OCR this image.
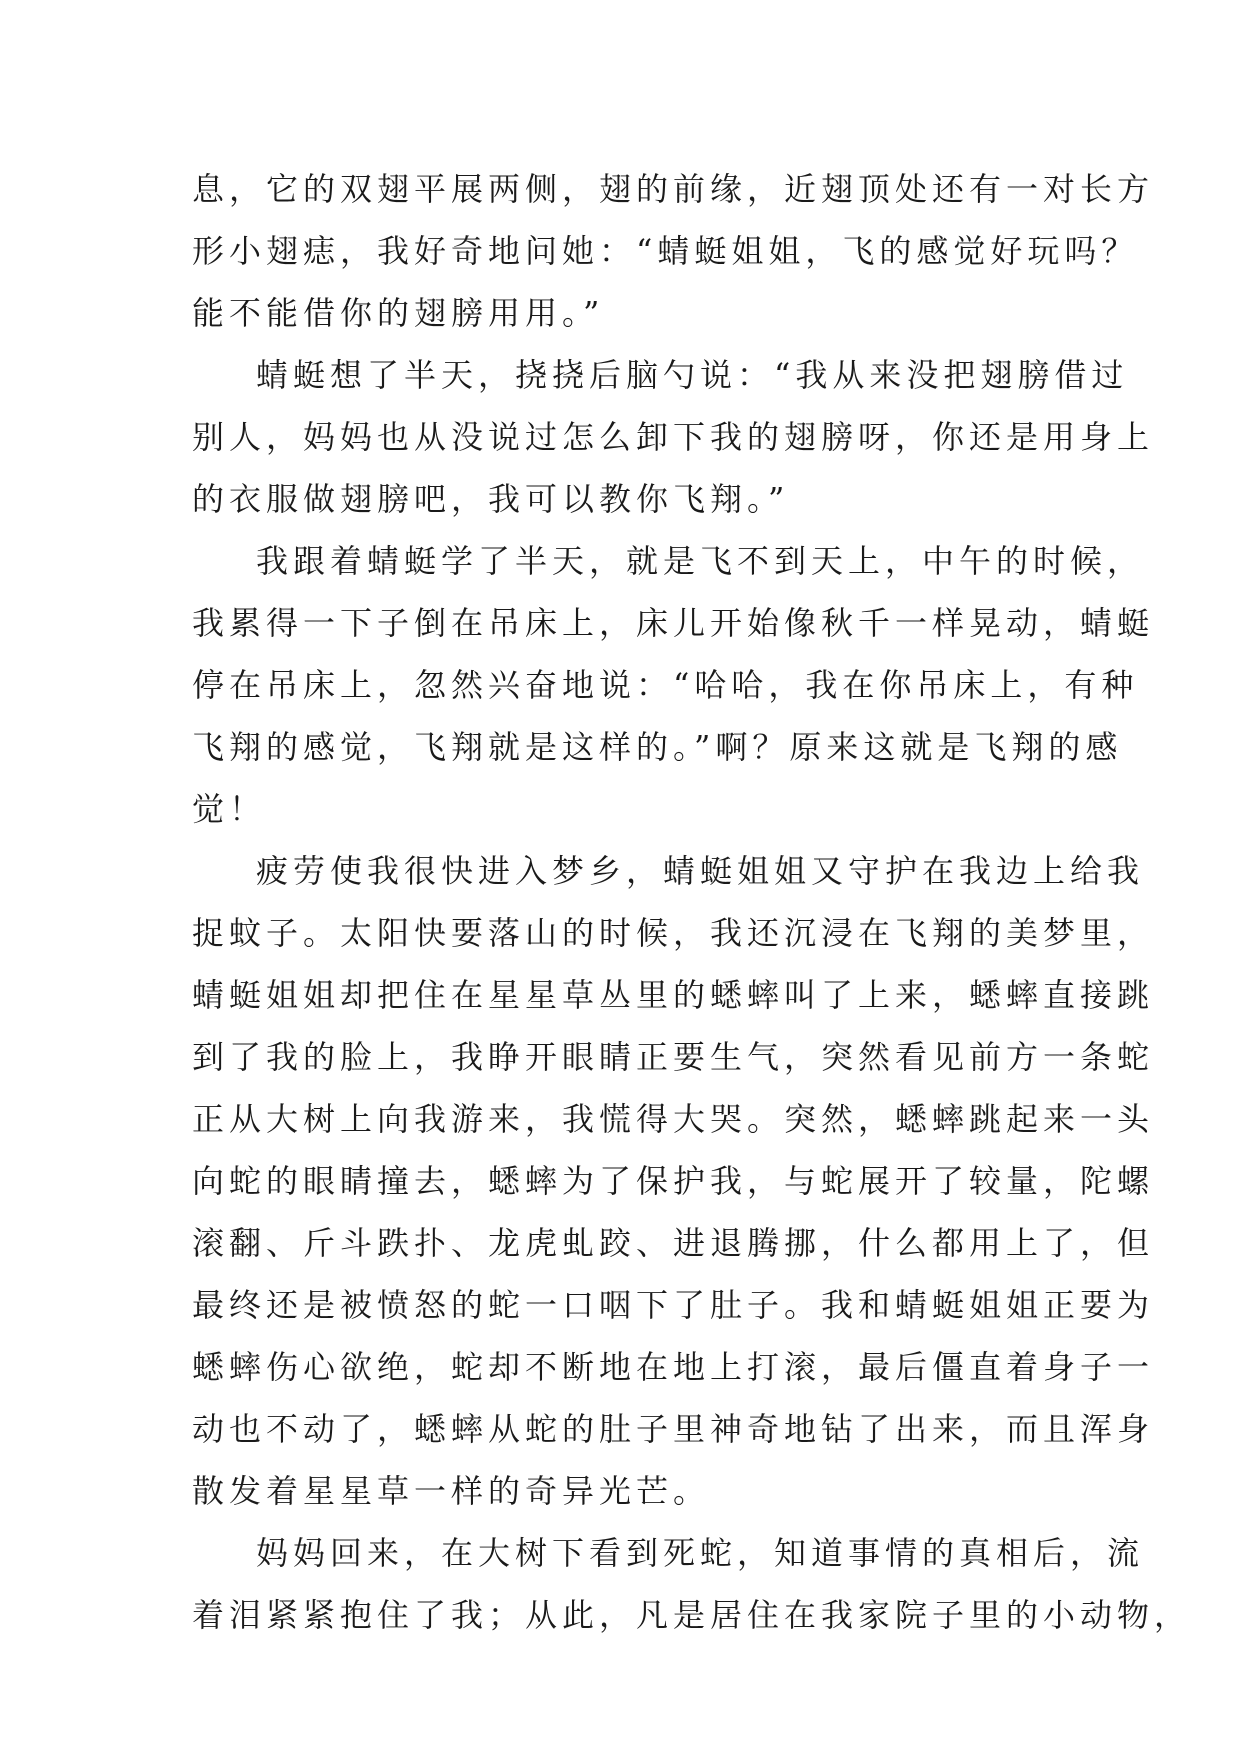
息，它的双翅平展两侧，翅的前缘，近翅顶处还有一对长方
形小翅痣，我好奇地问她：“蜻蜓姐姐，飞的感觉好玩吗？
能不能借你的翅膀用用。”
蜻蜓想了半天，挠挠后脑勺说：“我从来没把翅膀借过
别人，妈妈也从没说过怎么卸下我的翅膀呀，你还是用身上
的衣服做翅膀吧，我可以教你飞翔。”
我跟着蜻蜓学了半天，就是飞不到天上，中午的时候，
我累得一下子倒在吊床上，床儿开始像秋千一样晃动，蜻蜓
停在吊床上，忽然兴奋地说：“哈哈，我在你吊床上，有种
飞翔的感觉，飞翔就是这样的。”啊？原来这就是飞翔的感
觉！
疲劳使我很快进入梦乡，蜻蜓姐姐又守护在我边上给我
捉蚊子。太阳快要落山的时候，我还沉浸在飞翔的美梦里，
蜻蜓姐姐却把住在星星草丛里的蟋蟀叫了上来，蟋蟀直接跳
到了我的脸上，我睁开眼睛正要生气，突然看见前方一条蛇
正从大树上向我游来，我慌得大哭。突然，蟋蟀跳起来一头
向蛇的眼睛撞去，蟋蟀为了保护我，与蛇展开了较量，陀螺
滚翻、斤斗跌扑、龙虎虬跤、进退腾挪，什么都用上了，但
最终还是被愤怒的蛇一口咽下了肚子。我和蜻蜓姐姐正要为
蟋蟀伤心欲绝，蛇却不断地在地上打滚，最后僵直着身子一
动也不动了，蟋蟀从蛇的肚子里神奇地钻了出来，而且浑身
散发着星星草一样的奇异光芒。
妈妈回来，在大树下看到死蛇，知道事情的真相后，流
着泪紧紧抱住了我；从此，凡是居住在我家院子里的小动物，
